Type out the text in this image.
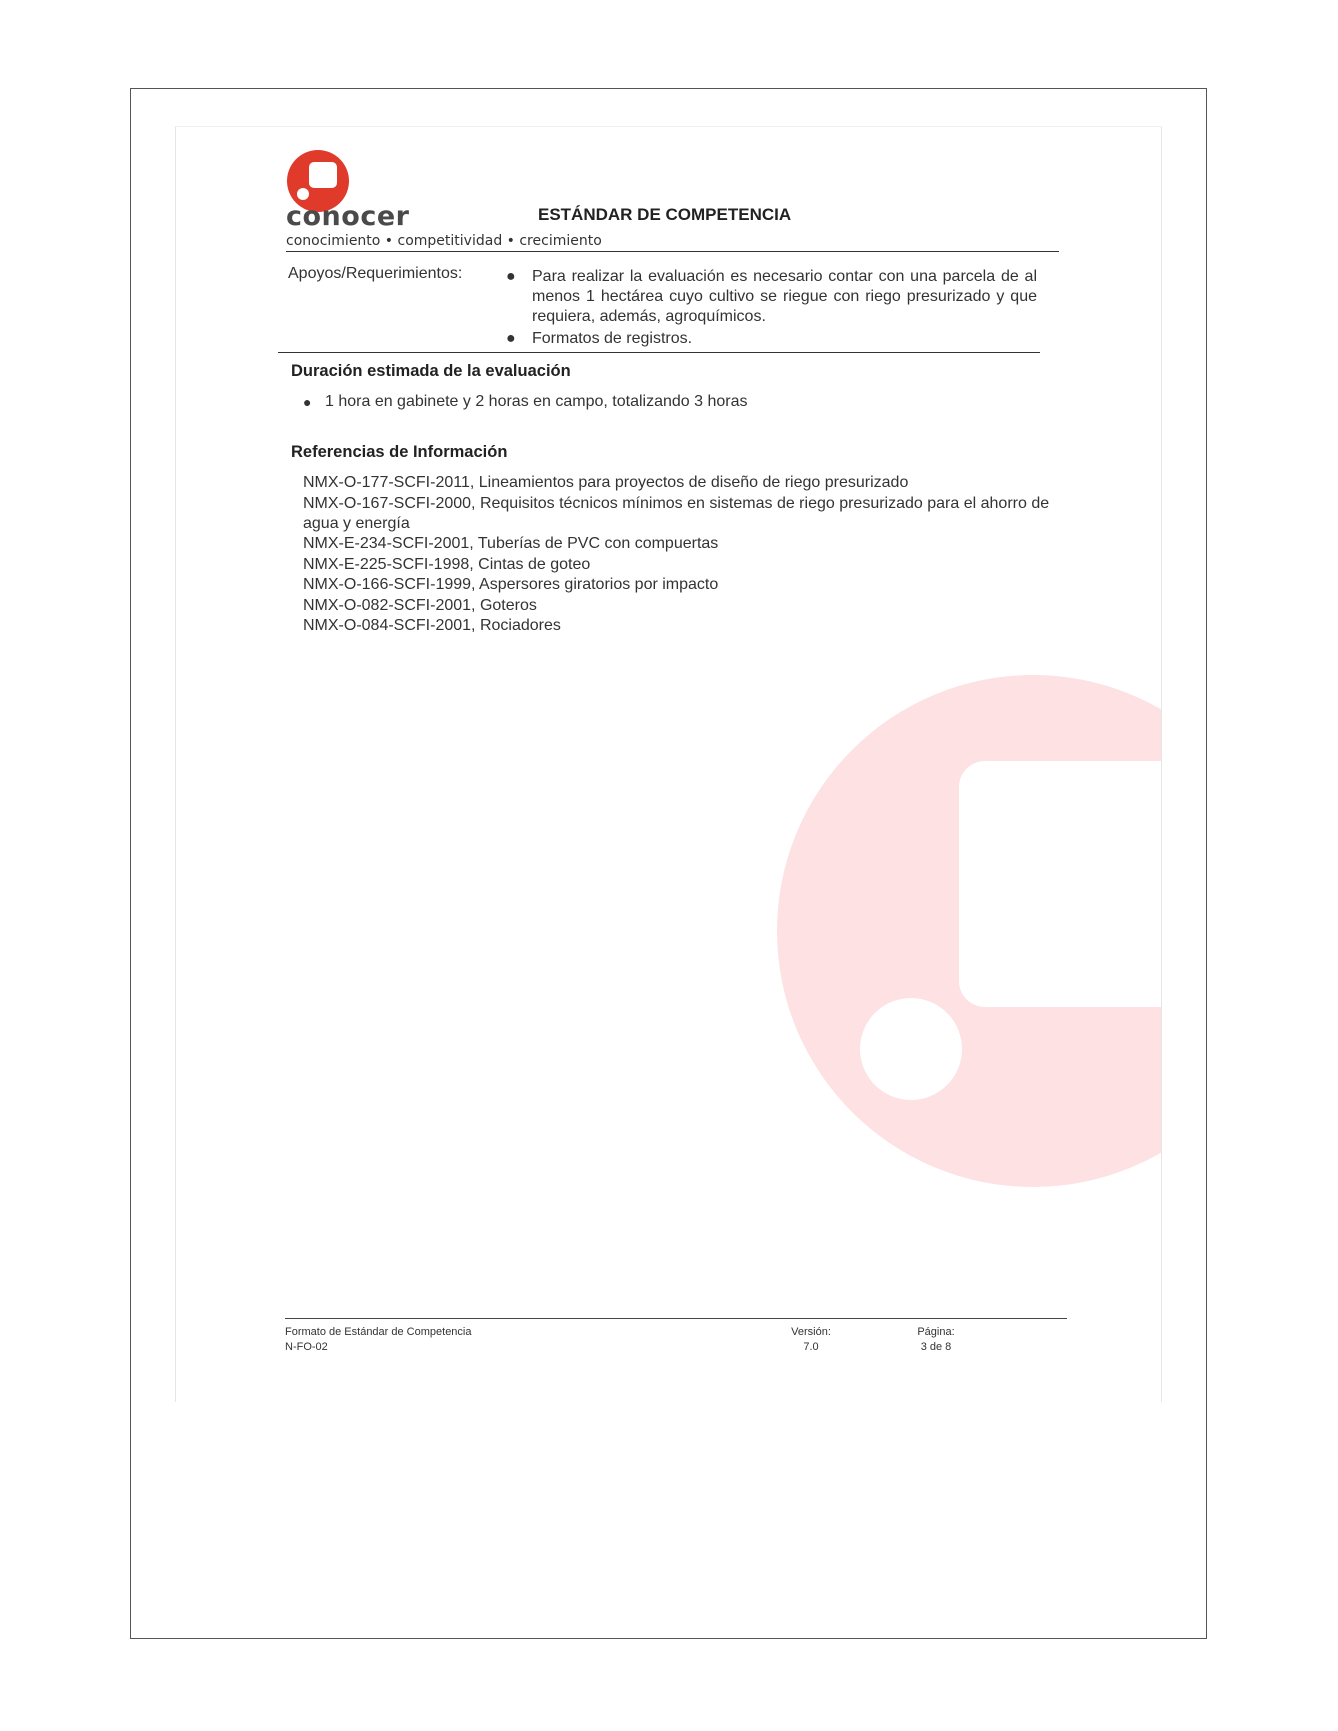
conocer
conocimiento • competitividad • crecimiento
ESTÁNDAR DE COMPETENCIA
Apoyos/Requerimientos:	● Para realizar la evaluación es necesario contar con una parcela de al menos 1 hectárea cuyo cultivo se riegue con riego presurizado y que requiera, además, agroquímicos.
● Formatos de registros.
Duración estimada de la evaluación
● 1 hora en gabinete y 2 horas en campo, totalizando 3 horas
Referencias de Información
NMX-O-177-SCFI-2011, Lineamientos para proyectos de diseño de riego presurizado
NMX-O-167-SCFI-2000, Requisitos técnicos mínimos en sistemas de riego presurizado para el ahorro de agua y energía
NMX-E-234-SCFI-2001, Tuberías de PVC con compuertas
NMX-E-225-SCFI-1998, Cintas de goteo
NMX-O-166-SCFI-1999, Aspersores giratorios por impacto
NMX-O-082-SCFI-2001, Goteros
NMX-O-084-SCFI-2001, Rociadores
Formato de Estándar de Competencia
N-FO-02
Versión:
7.0
Página:
3 de 8
